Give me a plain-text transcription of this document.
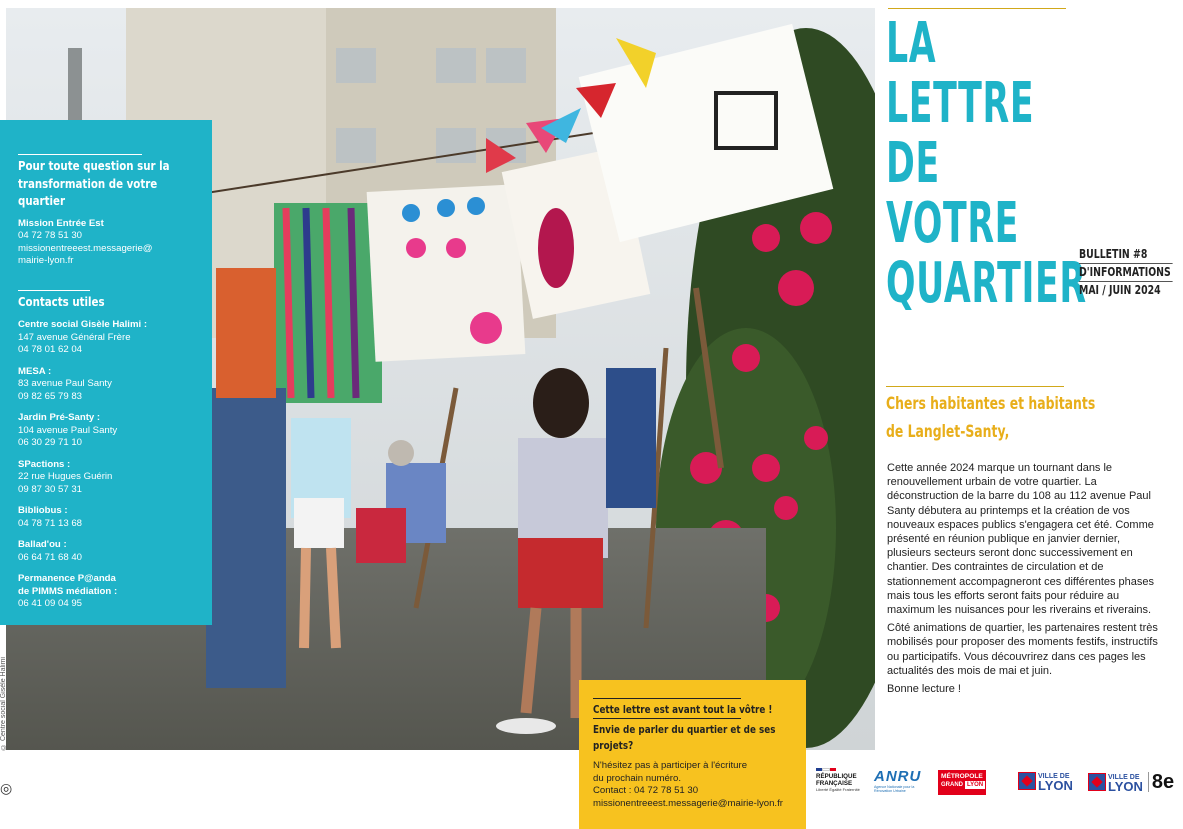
© Centre social Gisèle Halimi
◎
Pour toute question sur la
transformation de votre quartier
Mission Entrée Est
04 72 78 51 30
missionentreeest.messagerie@
mairie-lyon.fr
Contacts utiles
Centre social Gisèle Halimi :
147 avenue Général Frère
04 78 01 62 04
MESA :
83 avenue Paul Santy
09 82 65 79 83
Jardin Pré-Santy :
104 avenue Paul Santy
06 30 29 71 10
SPactions :
22 rue Hugues Guérin
09 87 30 57 31
Bibliobus :
04 78 71 13 68
Ballad'ou :
06 64 71 68 40
Permanence P@anda
de PIMMS médiation :
06 41 09 04 95
Cette lettre est avant tout la vôtre !
Envie de parler du quartier et de ses projets?
N'hésitez pas à participer à l'écriture
du prochain numéro.
Contact : 04 72 78 51 30
missionentreeest.messagerie@mairie-lyon.fr
LA
LETTRE
DE
VOTRE
QUARTIER
BULLETIN #8
D'INFORMATIONS
MAI / JUIN 2024
Chers habitantes et habitants
de Langlet-Santy,

Cette année 2024 marque un tournant dans le renouvellement urbain de votre quartier. La déconstruction de la barre du 108 au 112 avenue Paul Santy débutera au printemps et la création de vos nouveaux espaces publics s'engagera cet été. Comme présenté en réunion publique en janvier dernier, plusieurs secteurs seront donc successivement en chantier. Des contraintes de circulation et de stationnement accompagneront ces différentes phases mais tous les efforts seront faits pour réduire au maximum les nuisances pour les riverains et riverains.

Côté animations de quartier, les partenaires restent très mobilisés pour proposer des moments festifs, instructifs ou participatifs. Vous découvrirez dans ces pages les actualités des mois de mai et juin.

Bonne lecture !

RÉPUBLIQUE
FRANÇAISE
Liberté Égalité Fraternité
ANRU
Agence Nationale pour la Rénovation Urbaine
MÉTROPOLE
GRAND LYON
VILLE DE
LYON
VILLE DE
LYON 8e
